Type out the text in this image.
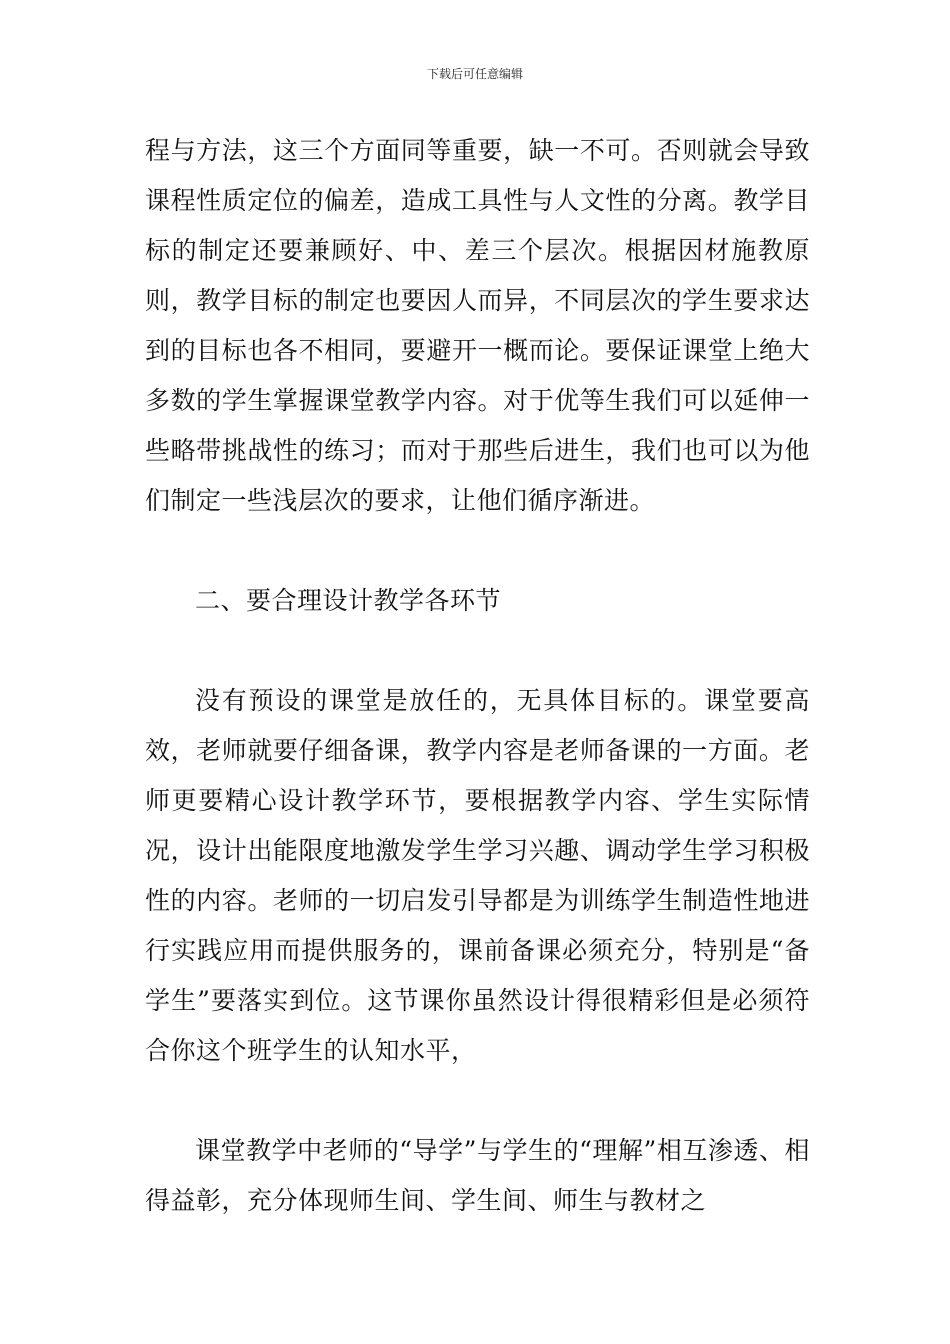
下载后可任意编辑

程与方法，这三个方面同等重要，缺一不可。否则就会导致课程性质定位的偏差，造成工具性与人文性的分离。教学目标的制定还要兼顾好、中、差三个层次。根据因材施教原则，教学目标的制定也要因人而异，不同层次的学生要求达到的目标也各不相同，要避开一概而论。要保证课堂上绝大多数的学生掌握课堂教学内容。对于优等生我们可以延伸一些略带挑战性的练习；而对于那些后进生，我们也可以为他们制定一些浅层次的要求，让他们循序渐进。

二、要合理设计教学各环节

没有预设的课堂是放任的，无具体目标的。课堂要高效，老师就要仔细备课，教学内容是老师备课的一方面。老师更要精心设计教学环节，要根据教学内容、学生实际情况，设计出能限度地激发学生学习兴趣、调动学生学习积极性的内容。老师的一切启发引导都是为训练学生制造性地进行实践应用而提供服务的，课前备课必须充分，特别是“备学生”要落实到位。这节课你虽然设计得很精彩但是必须符合你这个班学生的认知水平，

课堂教学中老师的“导学”与学生的“理解”相互渗透、相得益彰，充分体现师生间、学生间、师生与教材之
